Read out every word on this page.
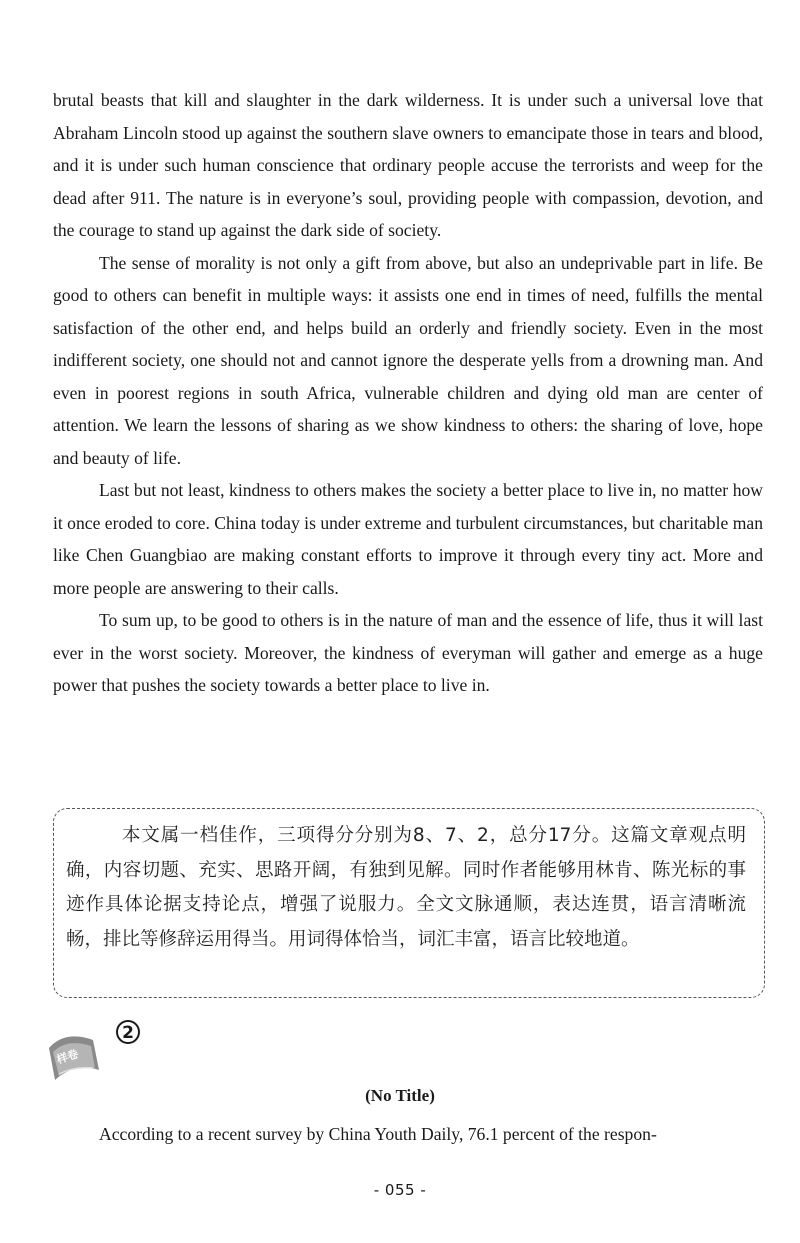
brutal beasts that kill and slaughter in the dark wilderness. It is under such a universal love that Abraham Lincoln stood up against the southern slave owners to emancipate those in tears and blood, and it is under such human conscience that ordinary people accuse the terrorists and weep for the dead after 911. The nature is in everyone’s soul, providing people with compassion, devotion, and the courage to stand up against the dark side of society.

The sense of morality is not only a gift from above, but also an undeprivable part in life. Be good to others can benefit in multiple ways: it assists one end in times of need, fulfills the mental satisfaction of the other end, and helps build an orderly and friendly society. Even in the most indifferent society, one should not and cannot ignore the desperate yells from a drowning man. And even in poorest regions in south Africa, vulnerable children and dying old man are center of attention. We learn the lessons of sharing as we show kindness to others: the sharing of love, hope and beauty of life.

Last but not least, kindness to others makes the society a better place to live in, no matter how it once eroded to core. China today is under extreme and turbulent circumstances, but charitable man like Chen Guangbiao are making constant efforts to improve it through every tiny act. More and more people are answering to their calls.

To sum up, to be good to others is in the nature of man and the essence of life, thus it will last ever in the worst society. Moreover, the kindness of everyman will gather and emerge as a huge power that pushes the society towards a better place to live in.

本文属一档佳作，三项得分分别为8、7、2，总分17分。这篇文章观点明确，内容切题、充实、思路开阔，有独到见解。同时作者能够用林肯、陈光标的事迹作具体论据支持论点，增强了说服力。全文文脉通顺，表达连贯，语言清晰流畅，排比等修辞运用得当。用词得体恰当，词汇丰富，语言比较地道。

样卷
2
(No Title)
According to a recent survey by China Youth Daily, 76.1 percent of the respon-
- 055 -
